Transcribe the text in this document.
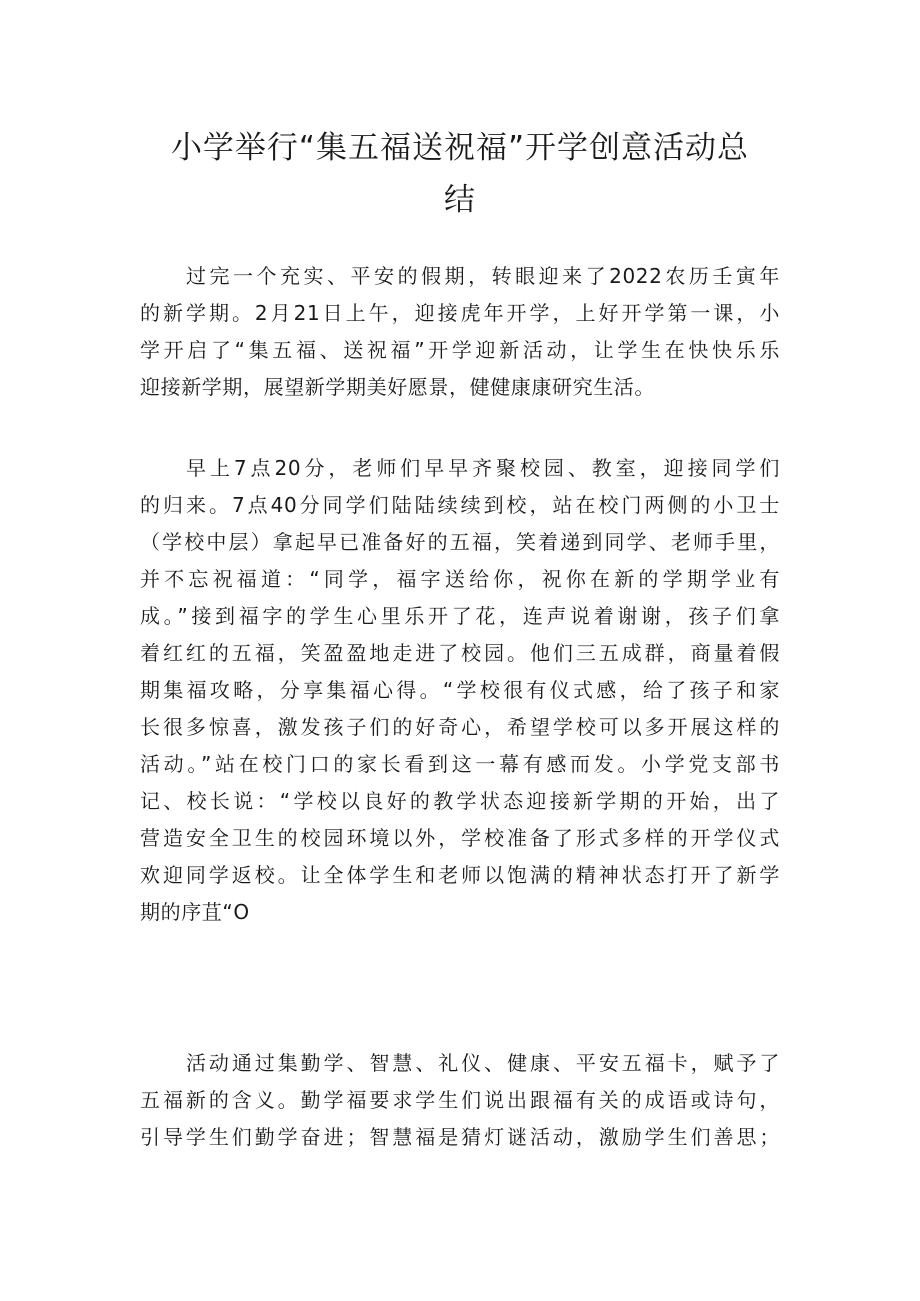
小学举行“集五福送祝福”开学创意活动总
结
过完一个充实、平安的假期，转眼迎来了2022农历壬寅年
的新学期。2月21日上午，迎接虎年开学，上好开学第一课，小
学开启了“集五福、送祝福”开学迎新活动，让学生在快快乐乐
迎接新学期，展望新学期美好愿景，健健康康研究生活。
早上7点20分，老师们早早齐聚校园、教室，迎接同学们
的归来。7点40分同学们陆陆续续到校，站在校门两侧的小卫士
（学校中层）拿起早已准备好的五福，笑着递到同学、老师手里，
并不忘祝福道：“同学，福字送给你，祝你在新的学期学业有
成。”接到福字的学生心里乐开了花，连声说着谢谢，孩子们拿
着红红的五福，笑盈盈地走进了校园。他们三五成群，商量着假
期集福攻略，分享集福心得。“学校很有仪式感，给了孩子和家
长很多惊喜，激发孩子们的好奇心，希望学校可以多开展这样的
活动。”站在校门口的家长看到这一幕有感而发。小学党支部书
记、校长说：“学校以良好的教学状态迎接新学期的开始，出了
营造安全卫生的校园环境以外，学校准备了形式多样的开学仪式
欢迎同学返校。让全体学生和老师以饱满的精神状态打开了新学
期的序苴“O
活动通过集勤学、智慧、礼仪、健康、平安五福卡，赋予了
五福新的含义。勤学福要求学生们说出跟福有关的成语或诗句，
引导学生们勤学奋进；智慧福是猜灯谜活动，激励学生们善思；
